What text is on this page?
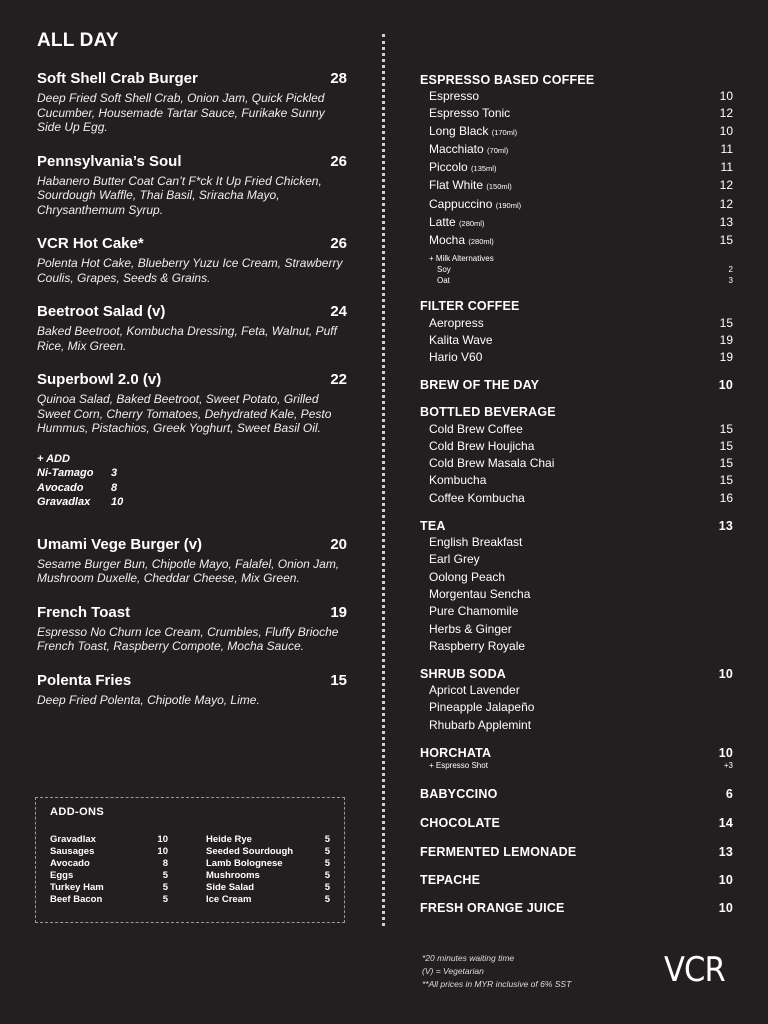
ALL DAY
Soft Shell Crab Burger	28
Deep Fried Soft Shell Crab, Onion Jam, Quick Pickled Cucumber, Housemade Tartar Sauce, Furikake Sunny Side Up Egg.
Pennsylvania’s Soul	26
Habanero Butter Coat Can’t F*ck It Up Fried Chicken, Sourdough Waffle, Thai Basil, Sriracha Mayo, Chrysanthemum Syrup.
VCR Hot Cake*	26
Polenta Hot Cake, Blueberry Yuzu Ice Cream, Strawberry Coulis, Grapes, Seeds & Grains.
Beetroot Salad (v)	24
Baked Beetroot, Kombucha Dressing, Feta, Walnut, Puff Rice, Mix Green.
Superbowl 2.0 (v)	22
Quinoa Salad, Baked Beetroot, Sweet Potato, Grilled Sweet Corn, Cherry Tomatoes, Dehydrated Kale, Pesto Hummus, Pistachios, Greek Yoghurt, Sweet Basil Oil.
+ ADD
Ni-Tamago	3
Avocado	8
Gravadlax	10
Umami Vege Burger (v)	20
Sesame Burger Bun, Chipotle Mayo, Falafel, Onion Jam, Mushroom Duxelle, Cheddar Cheese, Mix Green.
French Toast	19
Espresso No Churn Ice Cream, Crumbles, Fluffy Brioche French Toast, Raspberry Compote, Mocha Sauce.
Polenta Fries	15
Deep Fried Polenta, Chipotle Mayo, Lime.
ADD-ONS
Gravadlax	10
Sausages	10
Avocado	8
Eggs	5
Turkey Ham	5
Beef Bacon	5
Heide Rye	5
Seeded Sourdough	5
Lamb Bolognese	5
Mushrooms	5
Side Salad	5
Ice Cream	5
ESPRESSO BASED COFFEE
Espresso	10
Espresso Tonic	12
Long Black (170ml)	10
Macchiato (70ml)	11
Piccolo (135ml)	11
Flat White (150ml)	12
Cappuccino (190ml)	12
Latte (280ml)	13
Mocha (280ml)	15
+ Milk Alternatives
Soy	2
Oat	3
FILTER COFFEE
Aeropress	15
Kalita Wave	19
Hario V60	19
BREW OF THE DAY	10
BOTTLED BEVERAGE
Cold Brew Coffee	15
Cold Brew Houjicha	15
Cold Brew Masala Chai	15
Kombucha	15
Coffee Kombucha	16
TEA	13
English Breakfast
Earl Grey
Oolong Peach
Morgentau Sencha
Pure Chamomile
Herbs & Ginger
Raspberry Royale
SHRUB SODA	10
Apricot Lavender
Pineapple Jalapeño
Rhubarb Applemint
HORCHATA	10
+ Espresso Shot	+3
BABYCCINO	6
CHOCOLATE	14
FERMENTED LEMONADE	13
TEPACHE	10
FRESH ORANGE JUICE	10
*20 minutes waiting time
(V) = Vegetarian
**All prices in MYR inclusive of 6% SST	VCR
